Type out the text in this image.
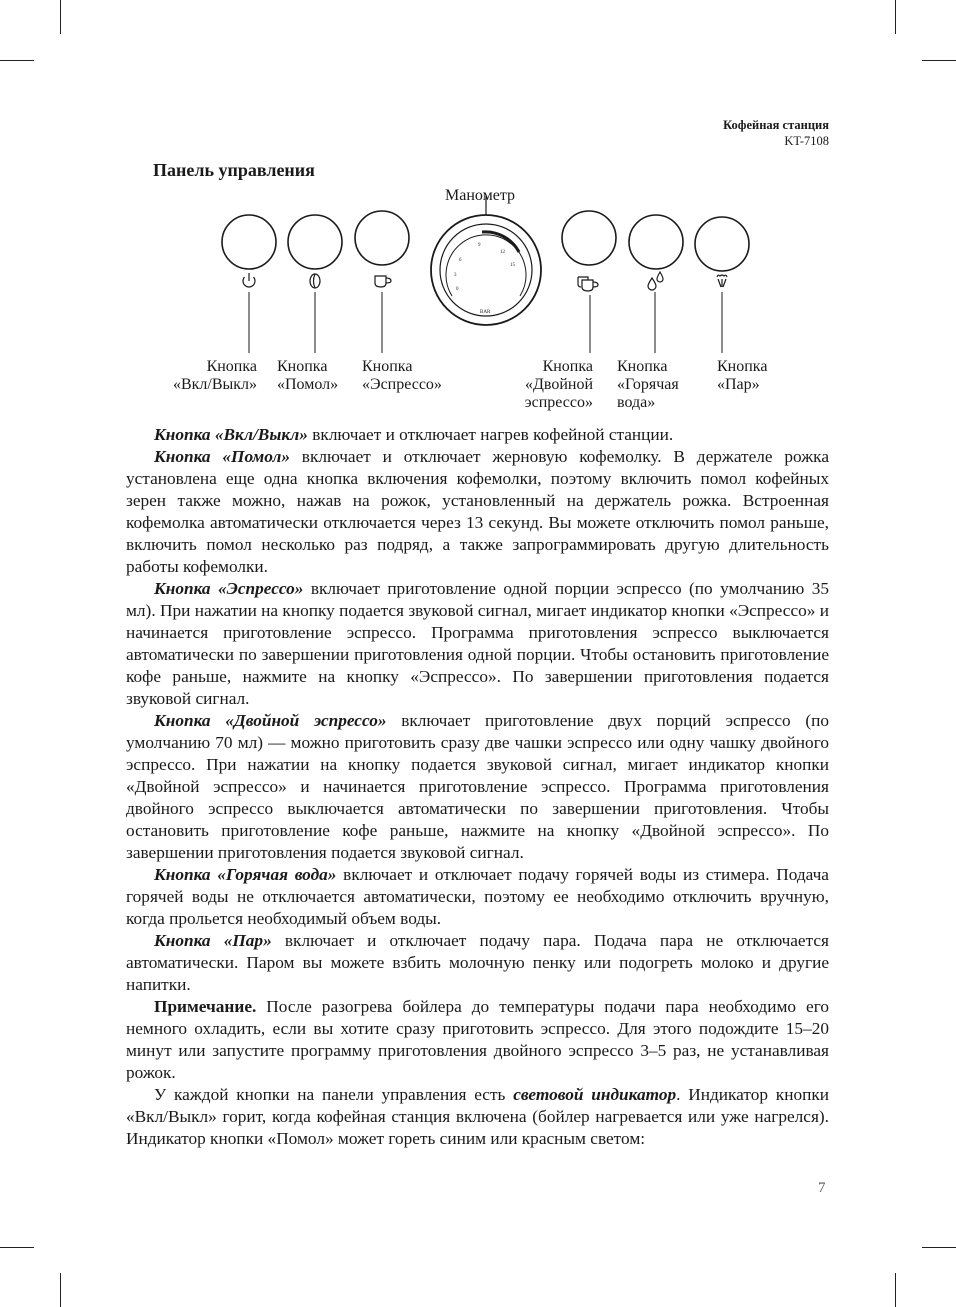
Кофейная станция
KT-7108
Панель управления
Манометр
0
3
6
9
12
15
BAR
Кнопка
«Вкл/Выкл»
Кнопка
«Помол»
Кнопка
«Эспрессо»
Кнопка
«Двойной
эспрессо»
Кнопка
«Горячая
вода»
Кнопка
«Пар»

Кнопка «Вкл/Выкл» включает и отключает нагрев кофейной станции.

Кнопка «Помол» включает и отключает жерновую кофемолку. В держателе рожка установлена еще одна кнопка включения кофемолки, поэтому включить помол кофейных зерен также можно, нажав на рожок, установленный на держатель рожка. Встроенная кофемолка автоматически отключается через 13 секунд. Вы можете отключить помол раньше, включить помол несколько раз подряд, а также запрограммировать другую длительность работы кофемолки.

Кнопка «Эспрессо» включает приготовление одной порции эспрессо (по умолчанию 35 мл). При нажатии на кнопку подается звуковой сигнал, мигает индикатор кнопки «Эспрессо» и начинается приготовление эспрессо. Программа приготовления эспрессо выключается автоматически по завершении приготовления одной порции. Чтобы остановить приготовление кофе раньше, нажмите на кнопку «Эспрессо». По завершении приготовления подается звуковой сигнал.

Кнопка «Двойной эспрессо» включает приготовление двух порций эспрессо (по умолчанию 70 мл) — можно приготовить сразу две чашки эспрессо или одну чашку двойного эспрессо. При нажатии на кнопку подается звуковой сигнал, мигает индикатор кнопки «Двойной эспрессо» и начинается приготовление эспрессо. Программа приготовления двойного эспрессо выключается автоматически по завершении приготовления. Чтобы остановить приготовление кофе раньше, нажмите на кнопку «Двойной эспрессо». По завершении приготовления подается звуковой сигнал.

Кнопка «Горячая вода» включает и отключает подачу горячей воды из стимера. Подача горячей воды не отключается автоматически, поэтому ее необходимо отключить вручную, когда прольется необходимый объем воды.

Кнопка «Пар» включает и отключает подачу пара. Подача пара не отключается автоматически. Паром вы можете взбить молочную пенку или подогреть молоко и другие напитки.

Примечание. После разогрева бойлера до температуры подачи пара необходимо его немного охладить, если вы хотите сразу приготовить эспрессо. Для этого подождите 15–20 минут или запустите программу приготовления двойного эспрессо 3–5 раз, не устанавливая рожок.

У каждой кнопки на панели управления есть световой индикатор. Индикатор кнопки «Вкл/Выкл» горит, когда кофейная станция включена (бойлер нагревается или уже нагрелся). Индикатор кнопки «Помол» может гореть синим или красным светом:

7
